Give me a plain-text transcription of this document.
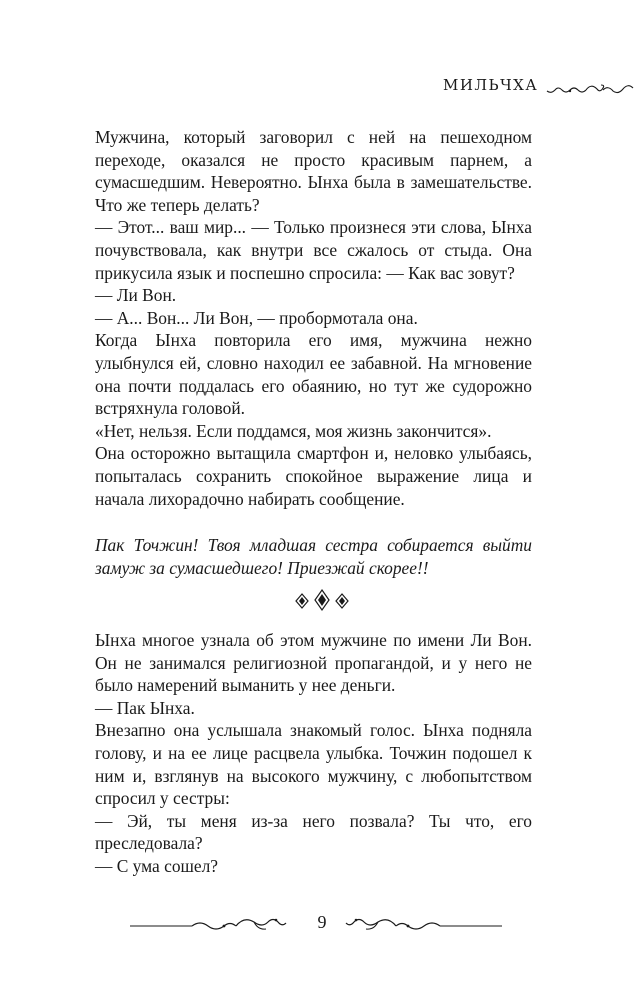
МИЛЬЧХА

Мужчина, который заговорил с ней на пешеходном переходе, оказался не просто красивым парнем, а сумасшедшим. Невероятно. Ынха была в замешательстве. Что же теперь делать?

— Этот... ваш мир... — Только произнеся эти слова, Ынха почувствовала, как внутри все сжалось от стыда. Она прикусила язык и поспешно спросила: — Как вас зовут?

— Ли Вон.

— А... Вон... Ли Вон, — пробормотала она.

Когда Ынха повторила его имя, мужчина нежно улыбнулся ей, словно находил ее забавной. На мгновение она почти поддалась его обаянию, но тут же судорожно встряхнула головой.

«Нет, нельзя. Если поддамся, моя жизнь закончится».

Она осторожно вытащила смартфон и, неловко улыбаясь, попыталась сохранить спокойное выражение лица и начала лихорадочно набирать сообщение.

Пак Точжин! Твоя младшая сестра собирается выйти замуж за сумасшедшего! Приезжай скорее!!

Ынха многое узнала об этом мужчине по имени Ли Вон. Он не занимался религиозной пропагандой, и у него не было намерений выманить у нее деньги.

— Пак Ынха.

Внезапно она услышала знакомый голос. Ынха подняла голову, и на ее лице расцвела улыбка. Точжин подошел к ним и, взглянув на высокого мужчину, с любопытством спросил у сестры:

— Эй, ты меня из-за него позвала? Ты что, его преследовала?

— С ума сошел?

9
